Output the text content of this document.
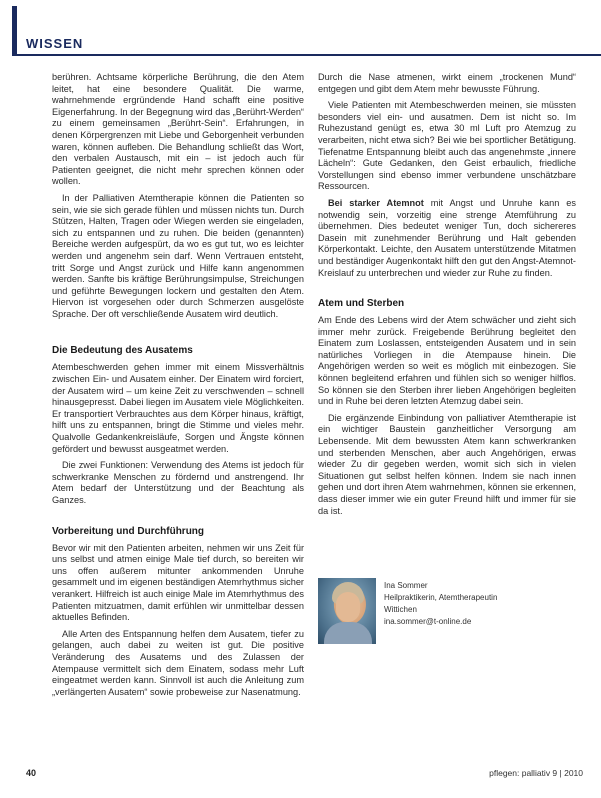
WISSEN

berühren. Achtsame körperliche Berührung, die den Atem leitet, hat eine besondere Qualität. Die warme, wahrnehmende ergründende Hand schafft eine positive Eigenerfahrung. In der Begegnung wird das „Berührt-Werden“ zu einem gemeinsamen „Berührt-Sein“. Erfahrungen, in denen Körpergrenzen mit Liebe und Geborgenheit verbunden waren, können aufleben. Die Behandlung schließt das Wort, den verbalen Austausch, mit ein – ist jedoch auch für Patienten geeignet, die nicht mehr sprechen können oder wollen.

In der Palliativen Atemtherapie können die Patienten so sein, wie sie sich gerade fühlen und müssen nichts tun. Durch Stützen, Halten, Tragen oder Wiegen werden sie eingeladen, sich zu entspannen und zu ruhen. Die beiden (genannten) Bereiche werden aufgespürt, da wo es gut tut, wo es leichter werden und angenehm sein darf. Wenn Vertrauen entsteht, tritt Sorge und Angst zurück und Hilfe kann angenommen werden. Sanfte bis kräftige Berührungsimpulse, Streichungen und geführte Bewegungen lockern und gestalten den Atem. Hiervon ist vorgesehen oder durch Schmerzen ausgelöste Sprache. Der oft verschließende Ausatem wird deutlich.

Die Bedeutung des Ausatems

Atembeschwerden gehen immer mit einem Missverhältnis zwischen Ein- und Ausatem einher. Der Einatem wird forciert, der Ausatem wird – um keine Zeit zu verschwenden – schnell hinausgepresst. Dabei liegen im Ausatem viele Möglichkeiten. Er transportiert Verbrauchtes aus dem Körper hinaus, kräftigt, hilft uns zu entspannen, bringt die Stimme und vieles mehr. Qualvolle Gedankenkreisläufe, Sorgen und Ängste können gefördert und bewusst ausgeatmet werden.

Die zwei Funktionen: Verwendung des Atems ist jedoch für schwerkranke Menschen zu fördernd und anstrengend. Ihr Atem bedarf der Unterstützung und der Beachtung als Ganzes.

Vorbereitung und Durchführung

Bevor wir mit den Patienten arbeiten, nehmen wir uns Zeit für uns selbst und atmen einige Male tief durch, so bereiten wir uns offen außerem mitunter ankommenden Unruhe gesammelt und im eigenen beständigen Atemrhythmus sicher verankert. Hilfreich ist auch einige Male im Atemrhythmus des Patienten mitzuatmen, damit erfühlen wir unmittelbar dessen aktuelles Befinden.

Alle Arten des Entspannung helfen dem Ausatem, tiefer zu gelangen, auch dabei zu weiten ist gut. Die positive Veränderung des Ausatems und des Zulassen der Atempause vermittelt sich dem Einatem, sodass mehr Luft eingeatmet werden kann. Sinnvoll ist auch die Anleitung zum „verlängerten Ausatem“ sowie probeweise zur Nasenatmung.

Durch die Nase atmenen, wirkt einem „trockenen Mund“ entgegen und gibt dem Atem mehr bewusste Führung.

Viele Patienten mit Atembeschwerden meinen, sie müssten besonders viel ein- und ausatmen. Dem ist nicht so. Im Ruhezustand genügt es, etwa 30 ml Luft pro Atemzug zu verarbeiten, nicht etwa sich? Bei wie bei sportlicher Betätigung. Tiefenatme Entspannung bleibt auch das angenehmste „innere Lächeln“: Gute Gedanken, den Geist erbaulich, friedliche Vorstellungen sind ebenso immer verbundene unschätzbare Ressourcen.

Bei starker Atemnot mit Angst und Unruhe kann es notwendig sein, vorzeitig eine strenge Atemführung zu übernehmen. Dies bedeutet weniger Tun, doch sichereres Dasein mit zunehmender Berührung und Halt gebenden Körperkontakt. Leichte, den Ausatem unterstützende Mitatmen und beständiger Augenkontakt hilft den gut den Angst-Atemnot-Kreislauf zu unterbrechen und wieder zur Ruhe zu finden.

Atem und Sterben

Am Ende des Lebens wird der Atem schwächer und zieht sich immer mehr zurück. Freigebende Berührung begleitet den Einatem zum Loslassen, entsteigenden Ausatem und in sein natürliches Vorliegen in die Atempause hinein. Die Angehörigen werden so weit es möglich mit einbezogen. Sie können begleitend erfahren und fühlen sich so weniger hilflos. So können sie den Sterben ihrer lieben Angehörigen begleiten und in Ruhe bei deren letzten Atemzug dabei sein.

Die ergänzende Einbindung von palliativer Atemtherapie ist ein wichtiger Baustein ganzheitlicher Versorgung am Lebensende. Mit dem bewussten Atem kann schwerkranken und sterbenden Menschen, aber auch Angehörigen, erwas wieder Zu dir gegeben werden, womit sich sich in vielen Situationen gut selbst helfen können. Indem sie nach innen gehen und dort ihren Atem wahrnehmen, können sie erkennen, dass dieser immer wie ein guter Freund hilft und immer für sie da ist.

Ina Sommer
Heilpraktikerin, Atemtherapeutin
Wittichen
ina.sommer@t-online.de
40	pflegen: palliativ 9 | 2010
